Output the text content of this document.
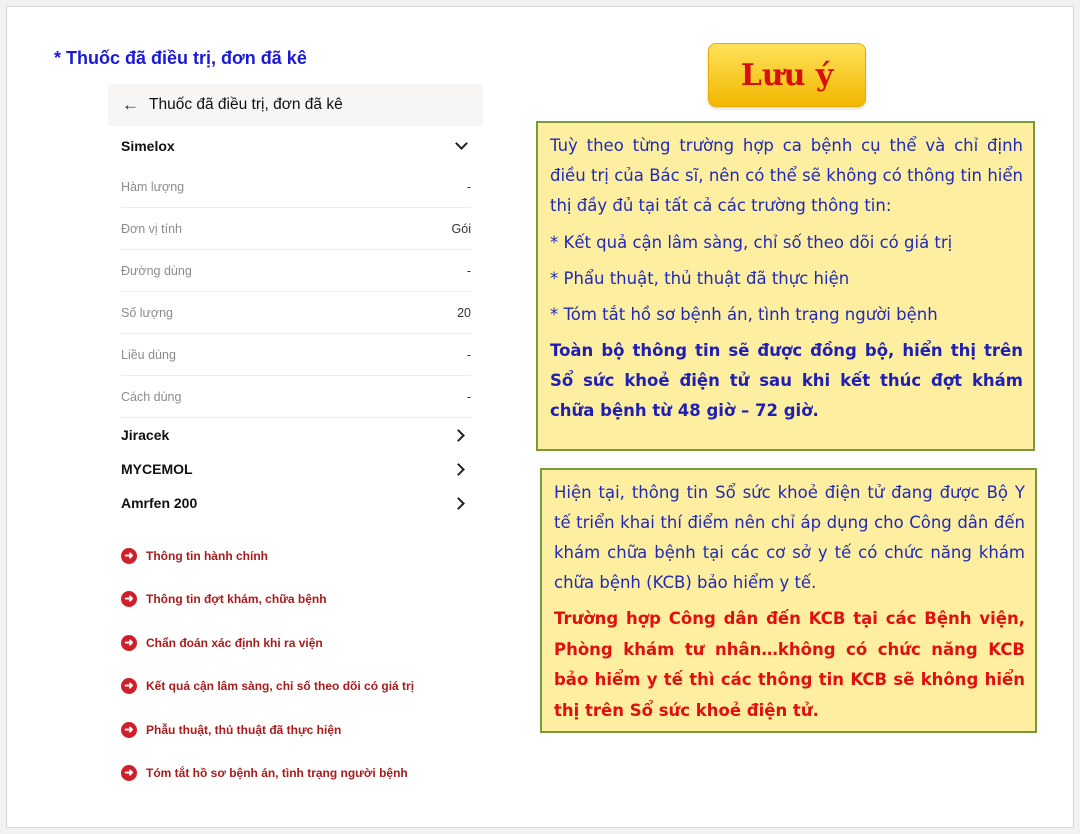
* Thuốc đã điều trị, đơn đã kê
← Thuốc đã điều trị, đơn đã kê
Simelox
Hàm lượng	-
Đơn vị tính	Gói
Đường dùng	-
Số lượng	20
Liều dùng	-
Cách dùng	-
Jiracek
MYCEMOL
Amrfen 200
➜ Thông tin hành chính
➜ Thông tin đợt khám, chữa bệnh
➜ Chẩn đoán xác định khi ra viện
➜ Kết quả cận lâm sàng, chỉ số theo dõi có giá trị
➜ Phẫu thuật, thủ thuật đã thực hiện
➜ Tóm tắt hồ sơ bệnh án, tình trạng người bệnh
Lưu ý

Tuỳ theo từng trường hợp ca bệnh cụ thể và chỉ định điều trị của Bác sĩ, nên có thể sẽ không có thông tin hiển thị đầy đủ tại tất cả các trường thông tin:

* Kết quả cận lâm sàng, chỉ số theo dõi có giá trị

* Phẩu thuật, thủ thuật đã thực hiện

* Tóm tắt hồ sơ bệnh án, tình trạng người bệnh

Toàn bộ thông tin sẽ được đồng bộ, hiển thị trên Sổ sức khoẻ điện tử sau khi kết thúc đợt khám chữa bệnh từ 48 giờ – 72 giờ.

Hiện tại, thông tin Sổ sức khoẻ điện tử đang được Bộ Y tế triển khai thí điểm nên chỉ áp dụng cho Công dân đến khám chữa bệnh tại các cơ sở y tế có chức năng khám chữa bệnh (KCB) bảo hiểm y tế.

Trường hợp Công dân đến KCB tại các Bệnh viện, Phòng khám tư nhân…không có chức năng KCB bảo hiểm y tế thì các thông tin KCB sẽ không hiển thị trên Sổ sức khoẻ điện tử.
